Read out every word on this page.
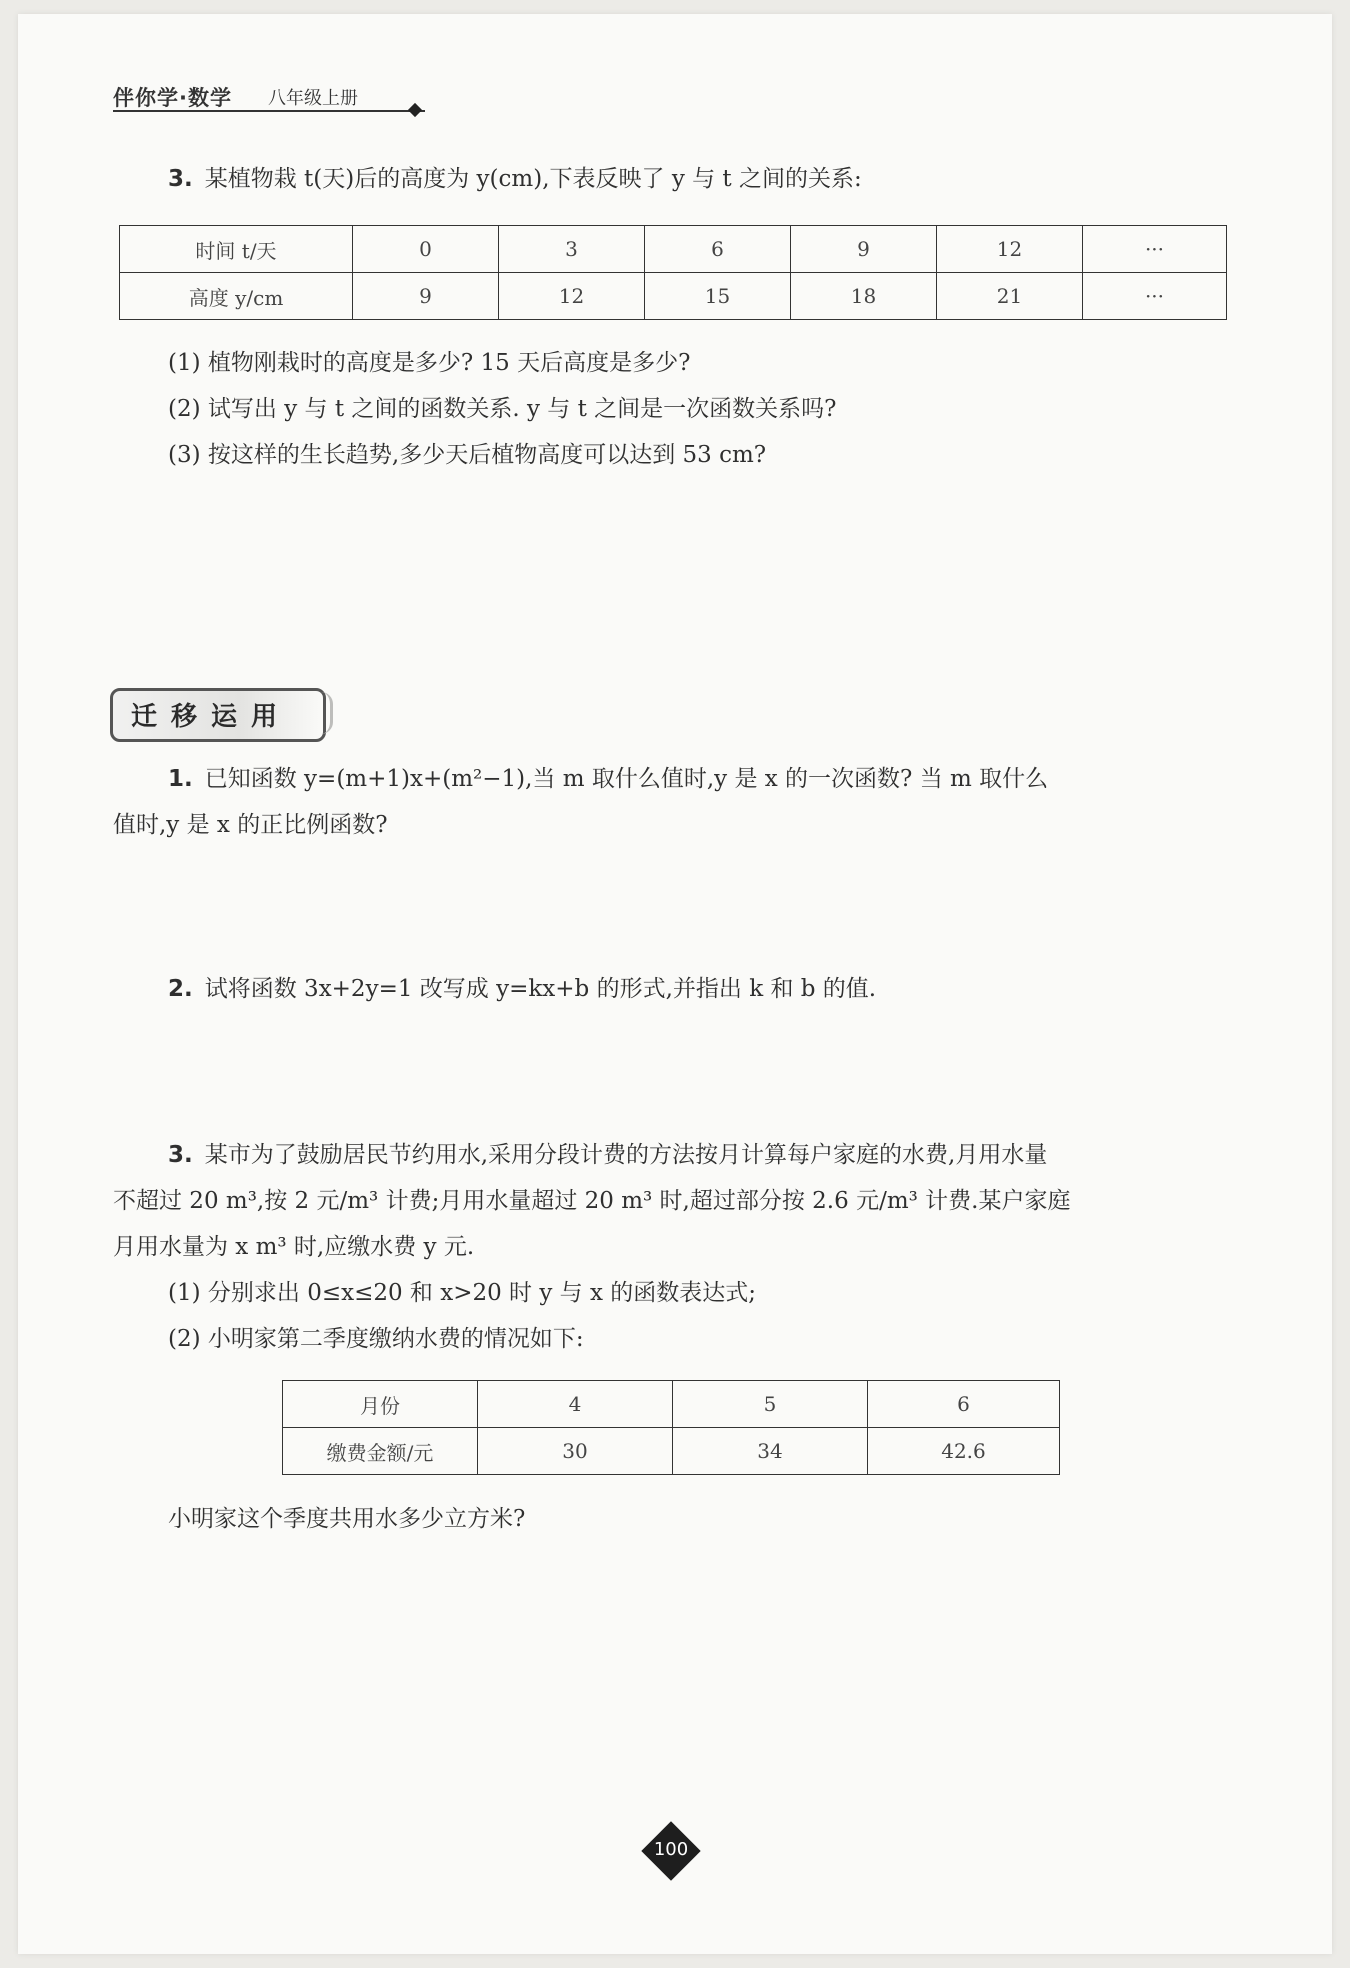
伴你学·数学 八年级上册
3. 某植物栽 t(天)后的高度为 y(cm),下表反映了 y 与 t 之间的关系:
时间 t/天	0	3	6	9	12	···
高度 y/cm	9	12	15	18	21	···
(1) 植物刚栽时的高度是多少? 15 天后高度是多少?
(2) 试写出 y 与 t 之间的函数关系. y 与 t 之间是一次函数关系吗?
(3) 按这样的生长趋势,多少天后植物高度可以达到 53 cm?
迁移运用
1. 已知函数 y=(m+1)x+(m²−1),当 m 取什么值时,y 是 x 的一次函数? 当 m 取什么
值时,y 是 x 的正比例函数?
2. 试将函数 3x+2y=1 改写成 y=kx+b 的形式,并指出 k 和 b 的值.
3. 某市为了鼓励居民节约用水,采用分段计费的方法按月计算每户家庭的水费,月用水量
不超过 20 m³,按 2 元/m³ 计费;月用水量超过 20 m³ 时,超过部分按 2.6 元/m³ 计费.某户家庭
月用水量为 x m³ 时,应缴水费 y 元.
(1) 分别求出 0≤x≤20 和 x>20 时 y 与 x 的函数表达式;
(2) 小明家第二季度缴纳水费的情况如下:
月份	4	5	6
缴费金额/元	30	34	42.6
小明家这个季度共用水多少立方米?
100
